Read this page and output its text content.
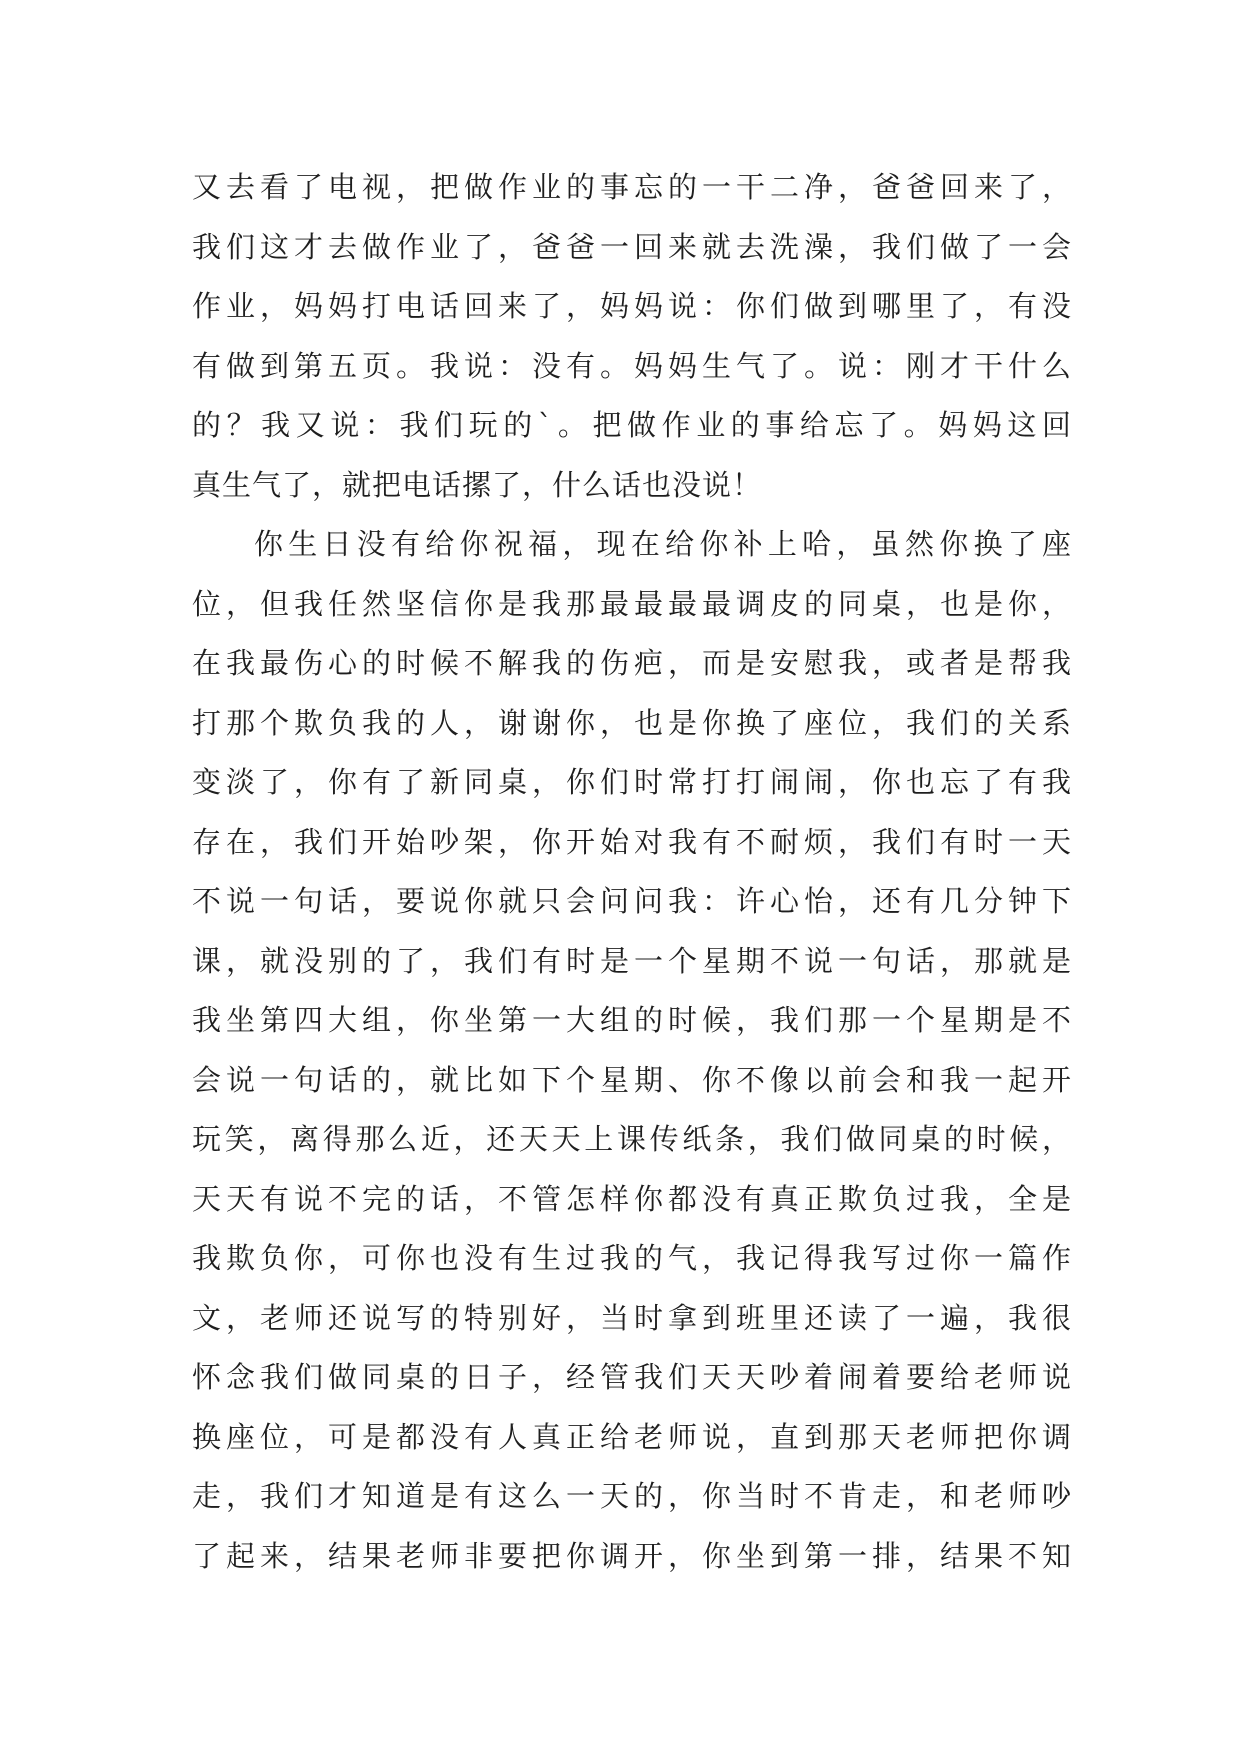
又去看了电视，把做作业的事忘的一干二净，爸爸回来了，
我们这才去做作业了，爸爸一回来就去洗澡，我们做了一会
作业，妈妈打电话回来了，妈妈说：你们做到哪里了，有没
有做到第五页。我说：没有。妈妈生气了。说：刚才干什么
的？我又说：我们玩的`。把做作业的事给忘了。妈妈这回
真生气了，就把电话摞了，什么话也没说！
你生日没有给你祝福，现在给你补上哈，虽然你换了座
位，但我任然坚信你是我那最最最最调皮的同桌，也是你，
在我最伤心的时候不解我的伤疤，而是安慰我，或者是帮我
打那个欺负我的人，谢谢你，也是你换了座位，我们的关系
变淡了，你有了新同桌，你们时常打打闹闹，你也忘了有我
存在，我们开始吵架，你开始对我有不耐烦，我们有时一天
不说一句话，要说你就只会问问我：许心怡，还有几分钟下
课，就没别的了，我们有时是一个星期不说一句话，那就是
我坐第四大组，你坐第一大组的时候，我们那一个星期是不
会说一句话的，就比如下个星期、你不像以前会和我一起开
玩笑，离得那么近，还天天上课传纸条，我们做同桌的时候，
天天有说不完的话，不管怎样你都没有真正欺负过我，全是
我欺负你，可你也没有生过我的气，我记得我写过你一篇作
文，老师还说写的特别好，当时拿到班里还读了一遍，我很
怀念我们做同桌的日子，经管我们天天吵着闹着要给老师说
换座位，可是都没有人真正给老师说，直到那天老师把你调
走，我们才知道是有这么一天的，你当时不肯走，和老师吵
了起来，结果老师非要把你调开，你坐到第一排，结果不知
